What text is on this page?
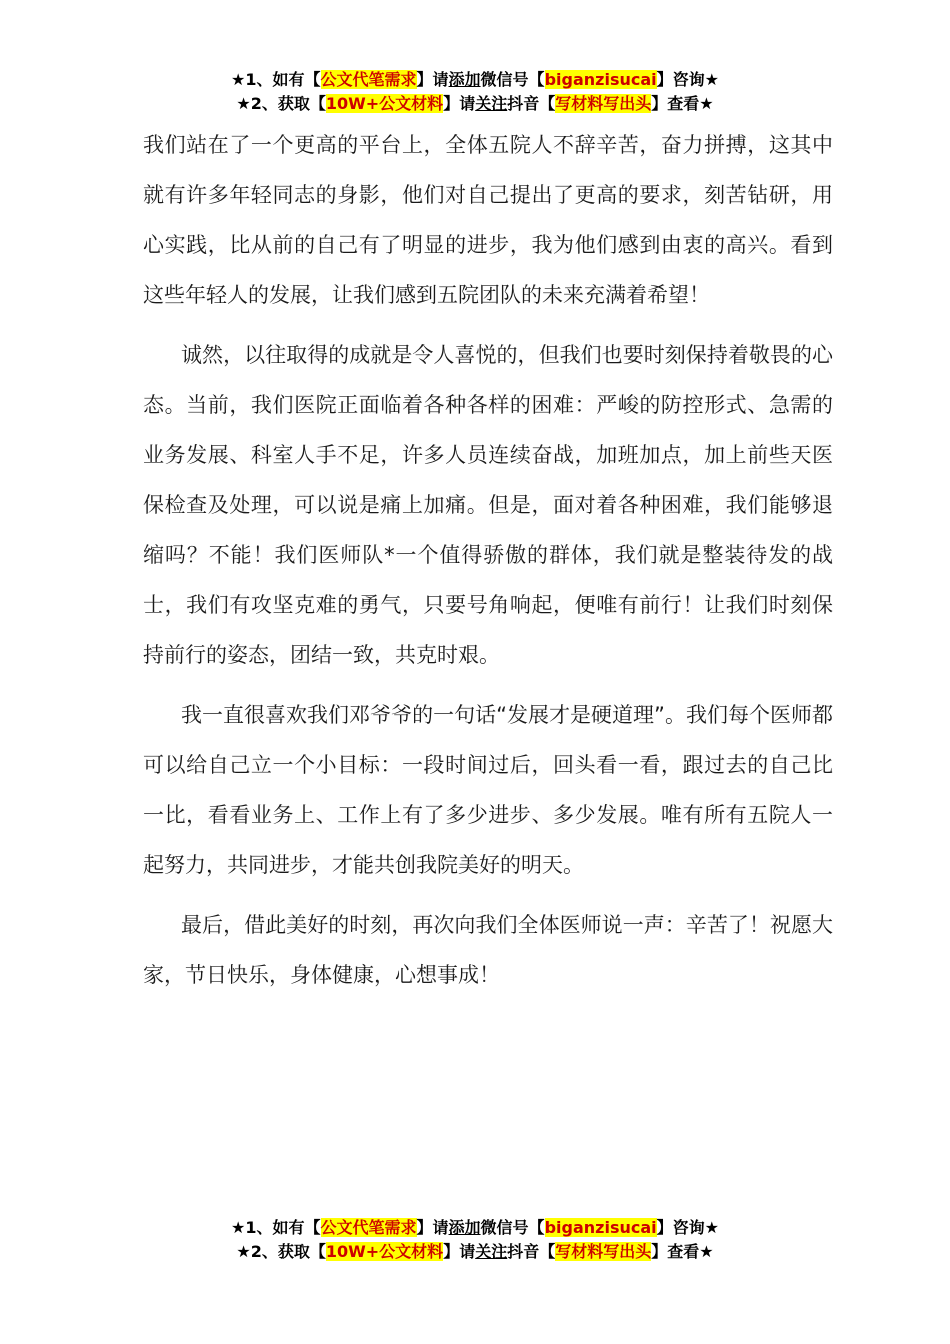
★1、如有【公文代笔需求】请添加微信号【biganzisucai】咨询★
★2、获取【10W+公文材料】请关注抖音【写材料写出头】查看★

我们站在了一个更高的平台上，全体五院人不辞辛苦，奋力拼搏，这其中就有许多年轻同志的身影，他们对自己提出了更高的要求，刻苦钻研，用心实践，比从前的自己有了明显的进步，我为他们感到由衷的高兴。看到这些年轻人的发展，让我们感到五院团队的未来充满着希望！

诚然，以往取得的成就是令人喜悦的，但我们也要时刻保持着敬畏的心态。当前，我们医院正面临着各种各样的困难：严峻的防控形式、急需的业务发展、科室人手不足，许多人员连续奋战，加班加点，加上前些天医保检查及处理，可以说是痛上加痛。但是，面对着各种困难，我们能够退缩吗？不能！我们医师队*一个值得骄傲的群体，我们就是整装待发的战士，我们有攻坚克难的勇气，只要号角响起，便唯有前行！让我们时刻保持前行的姿态，团结一致，共克时艰。

我一直很喜欢我们邓爷爷的一句话“发展才是硬道理”。我们每个医师都可以给自己立一个小目标：一段时间过后，回头看一看，跟过去的自己比一比，看看业务上、工作上有了多少进步、多少发展。唯有所有五院人一起努力，共同进步，才能共创我院美好的明天。

最后，借此美好的时刻，再次向我们全体医师说一声：辛苦了！祝愿大家，节日快乐，身体健康，心想事成！

★1、如有【公文代笔需求】请添加微信号【biganzisucai】咨询★
★2、获取【10W+公文材料】请关注抖音【写材料写出头】查看★
